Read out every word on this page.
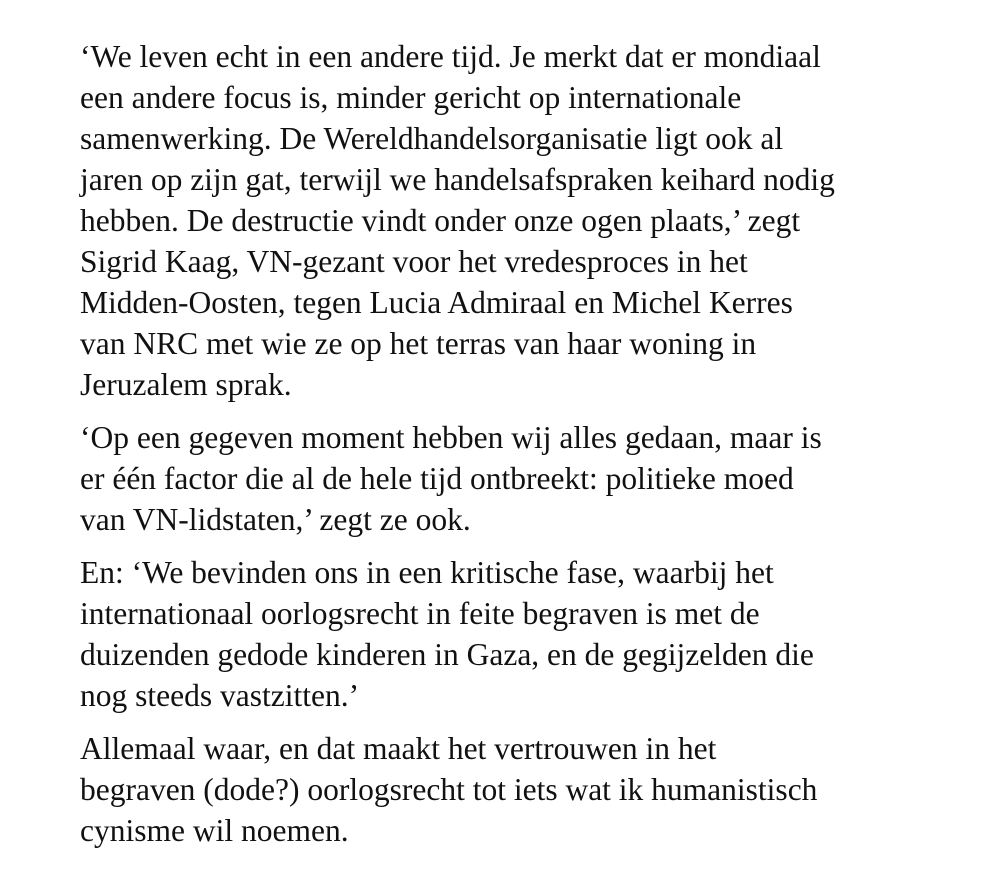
‘We leven echt in een andere tijd. Je merkt dat er mondiaal
een andere focus is, minder gericht op internationale
samenwerking. De Wereldhandelsorganisatie ligt ook al
jaren op zijn gat, terwijl we handelsafspraken keihard nodig
hebben. De destructie vindt onder onze ogen plaats,’ zegt
Sigrid Kaag, VN-gezant voor het vredesproces in het
Midden-Oosten, tegen Lucia Admiraal en Michel Kerres
van NRC met wie ze op het terras van haar woning in
Jeruzalem sprak.

‘Op een gegeven moment hebben wij alles gedaan, maar is
er één factor die al de hele tijd ontbreekt: politieke moed
van VN-lidstaten,’ zegt ze ook.

En: ‘We bevinden ons in een kritische fase, waarbij het
internationaal oorlogsrecht in feite begraven is met de
duizenden gedode kinderen in Gaza, en de gegijzelden die
nog steeds vastzitten.’

Allemaal waar, en dat maakt het vertrouwen in het
begraven (dode?) oorlogsrecht tot iets wat ik humanistisch
cynisme wil noemen.
